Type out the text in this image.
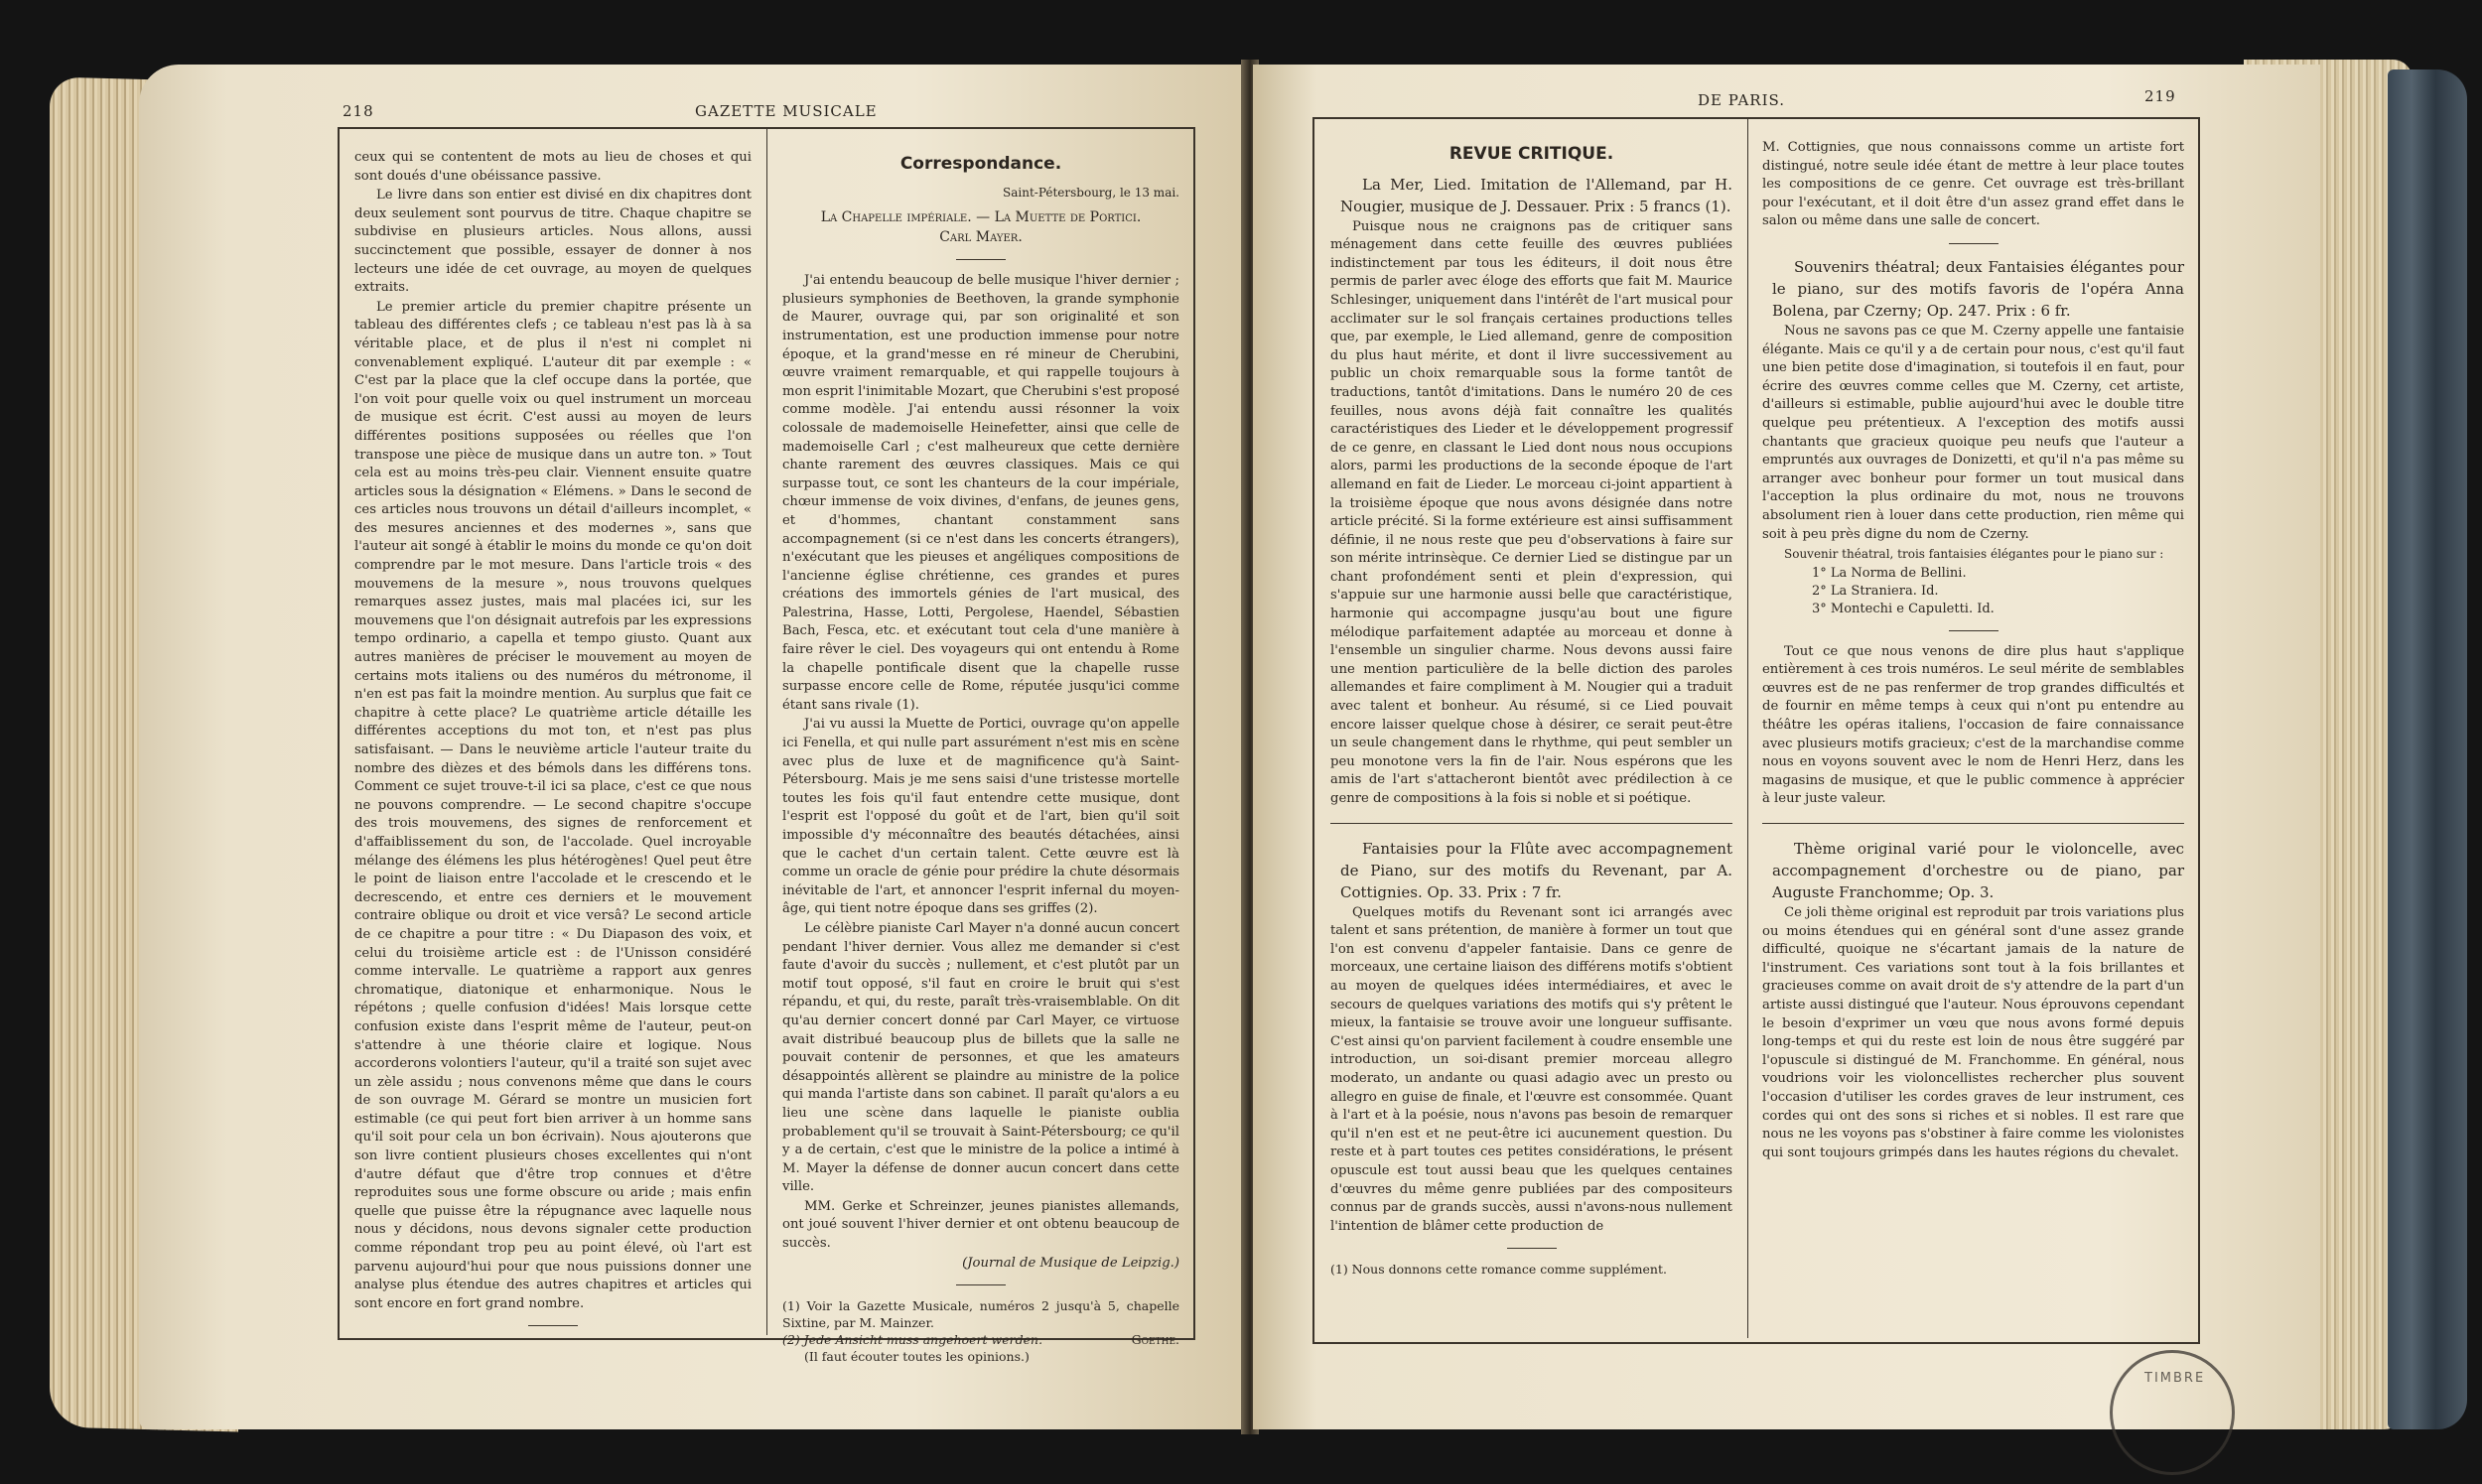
218	GAZETTE MUSICALE

ceux qui se contentent de mots au lieu de choses et qui sont doués d'une obéissance passive.

Le livre dans son entier est divisé en dix chapitres dont deux seulement sont pourvus de titre. Chaque chapitre se subdivise en plusieurs articles. Nous allons, aussi succinctement que possible, essayer de donner à nos lecteurs une idée de cet ouvrage, au moyen de quelques extraits.

Le premier article du premier chapitre présente un tableau des différentes clefs ; ce tableau n'est pas là à sa véritable place, et de plus il n'est ni complet ni convenablement expliqué. L'auteur dit par exemple : « C'est par la place que la clef occupe dans la portée, que l'on voit pour quelle voix ou quel instrument un morceau de musique est écrit. C'est aussi au moyen de leurs différentes positions supposées ou réelles que l'on transpose une pièce de musique dans un autre ton. » Tout cela est au moins très-peu clair. Viennent ensuite quatre articles sous la désignation « Elémens. » Dans le second de ces articles nous trouvons un détail d'ailleurs incomplet, « des mesures anciennes et des modernes », sans que l'auteur ait songé à établir le moins du monde ce qu'on doit comprendre par le mot mesure. Dans l'article trois « des mouvemens de la mesure », nous trouvons quelques remarques assez justes, mais mal placées ici, sur les mouvemens que l'on désignait autrefois par les expressions tempo ordinario, a capella et tempo giusto. Quant aux autres manières de préciser le mouvement au moyen de certains mots italiens ou des numéros du métronome, il n'en est pas fait la moindre mention. Au surplus que fait ce chapitre à cette place? Le quatrième article détaille les différentes acceptions du mot ton, et n'est pas plus satisfaisant. — Dans le neuvième article l'auteur traite du nombre des dièzes et des bémols dans les différens tons. Comment ce sujet trouve-t-il ici sa place, c'est ce que nous ne pouvons comprendre. — Le second chapitre s'occupe des trois mouvemens, des signes de renforcement et d'affaiblissement du son, de l'accolade. Quel incroyable mélange des élémens les plus hétérogènes! Quel peut être le point de liaison entre l'accolade et le crescendo et le decrescendo, et entre ces derniers et le mouvement contraire oblique ou droit et vice versâ? Le second article de ce chapitre a pour titre : « Du Diapason des voix, et celui du troisième article est : de l'Unisson considéré comme intervalle. Le quatrième a rapport aux genres chromatique, diatonique et enharmonique. Nous le répétons ; quelle confusion d'idées! Mais lorsque cette confusion existe dans l'esprit même de l'auteur, peut-on s'attendre à une théorie claire et logique. Nous accorderons volontiers l'auteur, qu'il a traité son sujet avec un zèle assidu ; nous convenons même que dans le cours de son ouvrage M. Gérard se montre un musicien fort estimable (ce qui peut fort bien arriver à un homme sans qu'il soit pour cela un bon écrivain). Nous ajouterons que son livre contient plusieurs choses excellentes qui n'ont d'autre défaut que d'être trop connues et d'être reproduites sous une forme obscure ou aride ; mais enfin quelle que puisse être la répugnance avec laquelle nous nous y décidons, nous devons signaler cette production comme répondant trop peu au point élevé, où l'art est parvenu aujourd'hui pour que nous puissions donner une analyse plus étendue des autres chapitres et articles qui sont encore en fort grand nombre.

Correspondance.
Saint-Pétersbourg, le 13 mai.
La Chapelle impériale. — La Muette de Portici.
Carl Mayer.

J'ai entendu beaucoup de belle musique l'hiver dernier ; plusieurs symphonies de Beethoven, la grande symphonie de Maurer, ouvrage qui, par son originalité et son instrumentation, est une production immense pour notre époque, et la grand'messe en ré mineur de Cherubini, œuvre vraiment remarquable, et qui rappelle toujours à mon esprit l'inimitable Mozart, que Cherubini s'est proposé comme modèle. J'ai entendu aussi résonner la voix colossale de mademoiselle Heinefetter, ainsi que celle de mademoiselle Carl ; c'est malheureux que cette dernière chante rarement des œuvres classiques. Mais ce qui surpasse tout, ce sont les chanteurs de la cour impériale, chœur immense de voix divines, d'enfans, de jeunes gens, et d'hommes, chantant constamment sans accompagnement (si ce n'est dans les concerts étrangers), n'exécutant que les pieuses et angéliques compositions de l'ancienne église chrétienne, ces grandes et pures créations des immortels génies de l'art musical, des Palestrina, Hasse, Lotti, Pergolese, Haendel, Sébastien Bach, Fesca, etc. et exécutant tout cela d'une manière à faire rêver le ciel. Des voyageurs qui ont entendu à Rome la chapelle pontificale disent que la chapelle russe surpasse encore celle de Rome, réputée jusqu'ici comme étant sans rivale (1).

J'ai vu aussi la Muette de Portici, ouvrage qu'on appelle ici Fenella, et qui nulle part assurément n'est mis en scène avec plus de luxe et de magnificence qu'à Saint-Pétersbourg. Mais je me sens saisi d'une tristesse mortelle toutes les fois qu'il faut entendre cette musique, dont l'esprit est l'opposé du goût et de l'art, bien qu'il soit impossible d'y méconnaître des beautés détachées, ainsi que le cachet d'un certain talent. Cette œuvre est là comme un oracle de génie pour prédire la chute désormais inévitable de l'art, et annoncer l'esprit infernal du moyen-âge, qui tient notre époque dans ses griffes (2).

Le célèbre pianiste Carl Mayer n'a donné aucun concert pendant l'hiver dernier. Vous allez me demander si c'est faute d'avoir du succès ; nullement, et c'est plutôt par un motif tout opposé, s'il faut en croire le bruit qui s'est répandu, et qui, du reste, paraît très-vraisemblable. On dit qu'au dernier concert donné par Carl Mayer, ce virtuose avait distribué beaucoup plus de billets que la salle ne pouvait contenir de personnes, et que les amateurs désappointés allèrent se plaindre au ministre de la police qui manda l'artiste dans son cabinet. Il paraît qu'alors a eu lieu une scène dans laquelle le pianiste oublia probablement qu'il se trouvait à Saint-Pétersbourg; ce qu'il y a de certain, c'est que le ministre de la police a intimé à M. Mayer la défense de donner aucun concert dans cette ville.

MM. Gerke et Schreinzer, jeunes pianistes allemands, ont joué souvent l'hiver dernier et ont obtenu beaucoup de succès.

(Journal de Musique de Leipzig.)
(1) Voir la Gazette Musicale, numéros 2 jusqu'à 5, chapelle Sixtine, par M. Mainzer.
(2) Jede Ansicht muss angehoert werden.	Goethe.
(Il faut écouter toutes les opinions.)
DE PARIS.	219
REVUE CRITIQUE.

La Mer, Lied. Imitation de l'Allemand, par H. Nougier, musique de J. Dessauer. Prix : 5 francs (1).

Puisque nous ne craignons pas de critiquer sans ménagement dans cette feuille des œuvres publiées indistinctement par tous les éditeurs, il doit nous être permis de parler avec éloge des efforts que fait M. Maurice Schlesinger, uniquement dans l'intérêt de l'art musical pour acclimater sur le sol français certaines productions telles que, par exemple, le Lied allemand, genre de composition du plus haut mérite, et dont il livre successivement au public un choix remarquable sous la forme tantôt de traductions, tantôt d'imitations. Dans le numéro 20 de ces feuilles, nous avons déjà fait connaître les qualités caractéristiques des Lieder et le développement progressif de ce genre, en classant le Lied dont nous nous occupions alors, parmi les productions de la seconde époque de l'art allemand en fait de Lieder. Le morceau ci-joint appartient à la troisième époque que nous avons désignée dans notre article précité. Si la forme extérieure est ainsi suffisamment définie, il ne nous reste que peu d'observations à faire sur son mérite intrinsèque. Ce dernier Lied se distingue par un chant profondément senti et plein d'expression, qui s'appuie sur une harmonie aussi belle que caractéristique, harmonie qui accompagne jusqu'au bout une figure mélodique parfaitement adaptée au morceau et donne à l'ensemble un singulier charme. Nous devons aussi faire une mention particulière de la belle diction des paroles allemandes et faire compliment à M. Nougier qui a traduit avec talent et bonheur. Au résumé, si ce Lied pouvait encore laisser quelque chose à désirer, ce serait peut-être un seule changement dans le rhythme, qui peut sembler un peu monotone vers la fin de l'air. Nous espérons que les amis de l'art s'attacheront bientôt avec prédilection à ce genre de compositions à la fois si noble et si poétique.

Fantaisies pour la Flûte avec accompagnement de Piano, sur des motifs du Revenant, par A. Cottignies. Op. 33. Prix : 7 fr.

Quelques motifs du Revenant sont ici arrangés avec talent et sans prétention, de manière à former un tout que l'on est convenu d'appeler fantaisie. Dans ce genre de morceaux, une certaine liaison des différens motifs s'obtient au moyen de quelques idées intermédiaires, et avec le secours de quelques variations des motifs qui s'y prêtent le mieux, la fantaisie se trouve avoir une longueur suffisante. C'est ainsi qu'on parvient facilement à coudre ensemble une introduction, un soi-disant premier morceau allegro moderato, un andante ou quasi adagio avec un presto ou allegro en guise de finale, et l'œuvre est consommée. Quant à l'art et à la poésie, nous n'avons pas besoin de remarquer qu'il n'en est et ne peut-être ici aucunement question. Du reste et à part toutes ces petites considérations, le présent opuscule est tout aussi beau que les quelques centaines d'œuvres du même genre publiées par des compositeurs connus par de grands succès, aussi n'avons-nous nullement l'intention de blâmer cette production de

(1) Nous donnons cette romance comme supplément.

M. Cottignies, que nous connaissons comme un artiste fort distingué, notre seule idée étant de mettre à leur place toutes les compositions de ce genre. Cet ouvrage est très-brillant pour l'exécutant, et il doit être d'un assez grand effet dans le salon ou même dans une salle de concert.

Souvenirs théatral; deux Fantaisies élégantes pour le piano, sur des motifs favoris de l'opéra Anna Bolena, par Czerny; Op. 247. Prix : 6 fr.

Nous ne savons pas ce que M. Czerny appelle une fantaisie élégante. Mais ce qu'il y a de certain pour nous, c'est qu'il faut une bien petite dose d'imagination, si toutefois il en faut, pour écrire des œuvres comme celles que M. Czerny, cet artiste, d'ailleurs si estimable, publie aujourd'hui avec le double titre quelque peu prétentieux. A l'exception des motifs aussi chantants que gracieux quoique peu neufs que l'auteur a empruntés aux ouvrages de Donizetti, et qu'il n'a pas même su arranger avec bonheur pour former un tout musical dans l'acception la plus ordinaire du mot, nous ne trouvons absolument rien à louer dans cette production, rien même qui soit à peu près digne du nom de Czerny.

Souvenir théatral, trois fantaisies élégantes pour le piano sur :

1° La Norma de Bellini.
2° La Straniera. Id.
3° Montechi e Capuletti. Id.

Tout ce que nous venons de dire plus haut s'applique entièrement à ces trois numéros. Le seul mérite de semblables œuvres est de ne pas renfermer de trop grandes difficultés et de fournir en même temps à ceux qui n'ont pu entendre au théâtre les opéras italiens, l'occasion de faire connaissance avec plusieurs motifs gracieux; c'est de la marchandise comme nous en voyons souvent avec le nom de Henri Herz, dans les magasins de musique, et que le public commence à apprécier à leur juste valeur.

Thème original varié pour le violoncelle, avec accompagnement d'orchestre ou de piano, par Auguste Franchomme; Op. 3.

Ce joli thème original est reproduit par trois variations plus ou moins étendues qui en général sont d'une assez grande difficulté, quoique ne s'écartant jamais de la nature de l'instrument. Ces variations sont tout à la fois brillantes et gracieuses comme on avait droit de s'y attendre de la part d'un artiste aussi distingué que l'auteur. Nous éprouvons cependant le besoin d'exprimer un vœu que nous avons formé depuis long-temps et qui du reste est loin de nous être suggéré par l'opuscule si distingué de M. Franchomme. En général, nous voudrions voir les violoncellistes rechercher plus souvent l'occasion d'utiliser les cordes graves de leur instrument, ces cordes qui ont des sons si riches et si nobles. Il est rare que nous ne les voyons pas s'obstiner à faire comme les violonistes qui sont toujours grimpés dans les hautes régions du chevalet.

TIMBRE
